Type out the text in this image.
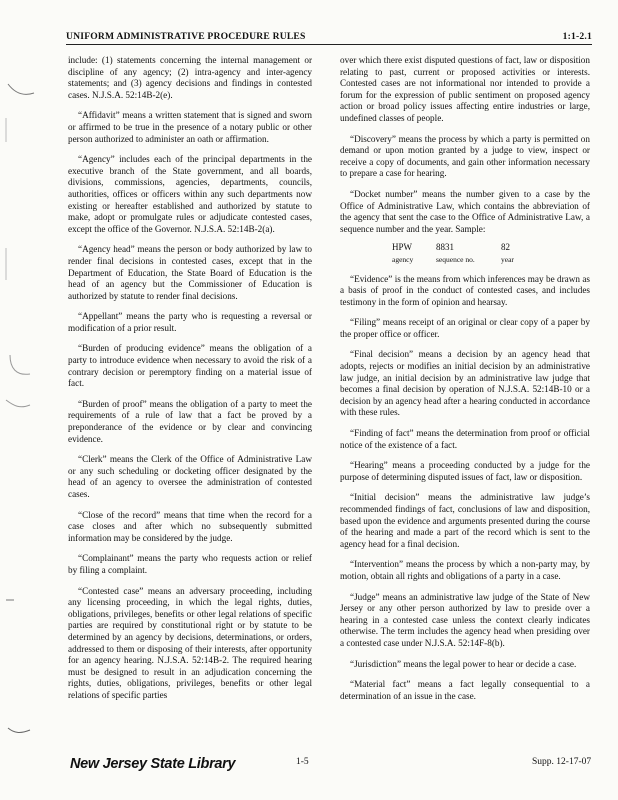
UNIFORM ADMINISTRATIVE PROCEDURE RULES	1:1-2.1

include: (1) statements concerning the internal management or discipline of any agency; (2) intra-agency and inter-agency statements; and (3) agency decisions and findings in contested cases. N.J.S.A. 52:14B-2(e).

“Affidavit” means a written statement that is signed and sworn or affirmed to be true in the presence of a notary public or other person authorized to administer an oath or affirmation.

“Agency” includes each of the principal departments in the executive branch of the State government, and all boards, divisions, commissions, agencies, departments, councils, authorities, offices or officers within any such departments now existing or hereafter established and authorized by statute to make, adopt or promulgate rules or adjudicate contested cases, except the office of the Governor. N.J.S.A. 52:14B-2(a).

“Agency head” means the person or body authorized by law to render final decisions in contested cases, except that in the Department of Education, the State Board of Education is the head of an agency but the Commissioner of Education is authorized by statute to render final decisions.

“Appellant” means the party who is requesting a reversal or modification of a prior result.

“Burden of producing evidence” means the obligation of a party to introduce evidence when necessary to avoid the risk of a contrary decision or peremptory finding on a material issue of fact.

“Burden of proof” means the obligation of a party to meet the requirements of a rule of law that a fact be proved by a preponderance of the evidence or by clear and convincing evidence.

“Clerk” means the Clerk of the Office of Administrative Law or any such scheduling or docketing officer designated by the head of an agency to oversee the administration of contested cases.

“Close of the record” means that time when the record for a case closes and after which no subsequently submitted information may be considered by the judge.

“Complainant” means the party who requests action or relief by filing a complaint.

“Contested case” means an adversary proceeding, including any licensing proceeding, in which the legal rights, duties, obligations, privileges, benefits or other legal relations of specific parties are required by constitutional right or by statute to be determined by an agency by decisions, determinations, or orders, addressed to them or disposing of their interests, after opportunity for an agency hearing. N.J.S.A. 52:14B-2. The required hearing must be designed to result in an adjudication concerning the rights, duties, obligations, privileges, benefits or other legal relations of specific parties

over which there exist disputed questions of fact, law or disposition relating to past, current or proposed activities or interests. Contested cases are not informational nor intended to provide a forum for the expression of public sentiment on proposed agency action or broad policy issues affecting entire industries or large, undefined classes of people.

“Discovery” means the process by which a party is permitted on demand or upon motion granted by a judge to view, inspect or receive a copy of documents, and gain other information necessary to prepare a case for hearing.

“Docket number” means the number given to a case by the Office of Administrative Law, which contains the abbreviation of the agency that sent the case to the Office of Administrative Law, a sequence number and the year. Sample:

HPW	8831	82
agency	sequence no.	year

“Evidence” is the means from which inferences may be drawn as a basis of proof in the conduct of contested cases, and includes testimony in the form of opinion and hearsay.

“Filing” means receipt of an original or clear copy of a paper by the proper office or officer.

“Final decision” means a decision by an agency head that adopts, rejects or modifies an initial decision by an administrative law judge, an initial decision by an administrative law judge that becomes a final decision by operation of N.J.S.A. 52:14B-10 or a decision by an agency head after a hearing conducted in accordance with these rules.

“Finding of fact” means the determination from proof or official notice of the existence of a fact.

“Hearing” means a proceeding conducted by a judge for the purpose of determining disputed issues of fact, law or disposition.

“Initial decision” means the administrative law judge’s recommended findings of fact, conclusions of law and disposition, based upon the evidence and arguments presented during the course of the hearing and made a part of the record which is sent to the agency head for a final decision.

“Intervention” means the process by which a non-party may, by motion, obtain all rights and obligations of a party in a case.

“Judge” means an administrative law judge of the State of New Jersey or any other person authorized by law to preside over a hearing in a contested case unless the context clearly indicates otherwise. The term includes the agency head when presiding over a contested case under N.J.S.A. 52:14F-8(b).

“Jurisdiction” means the legal power to hear or decide a case.

“Material fact” means a fact legally consequential to a determination of an issue in the case.

New Jersey State Library	1-5	Supp. 12-17-07
